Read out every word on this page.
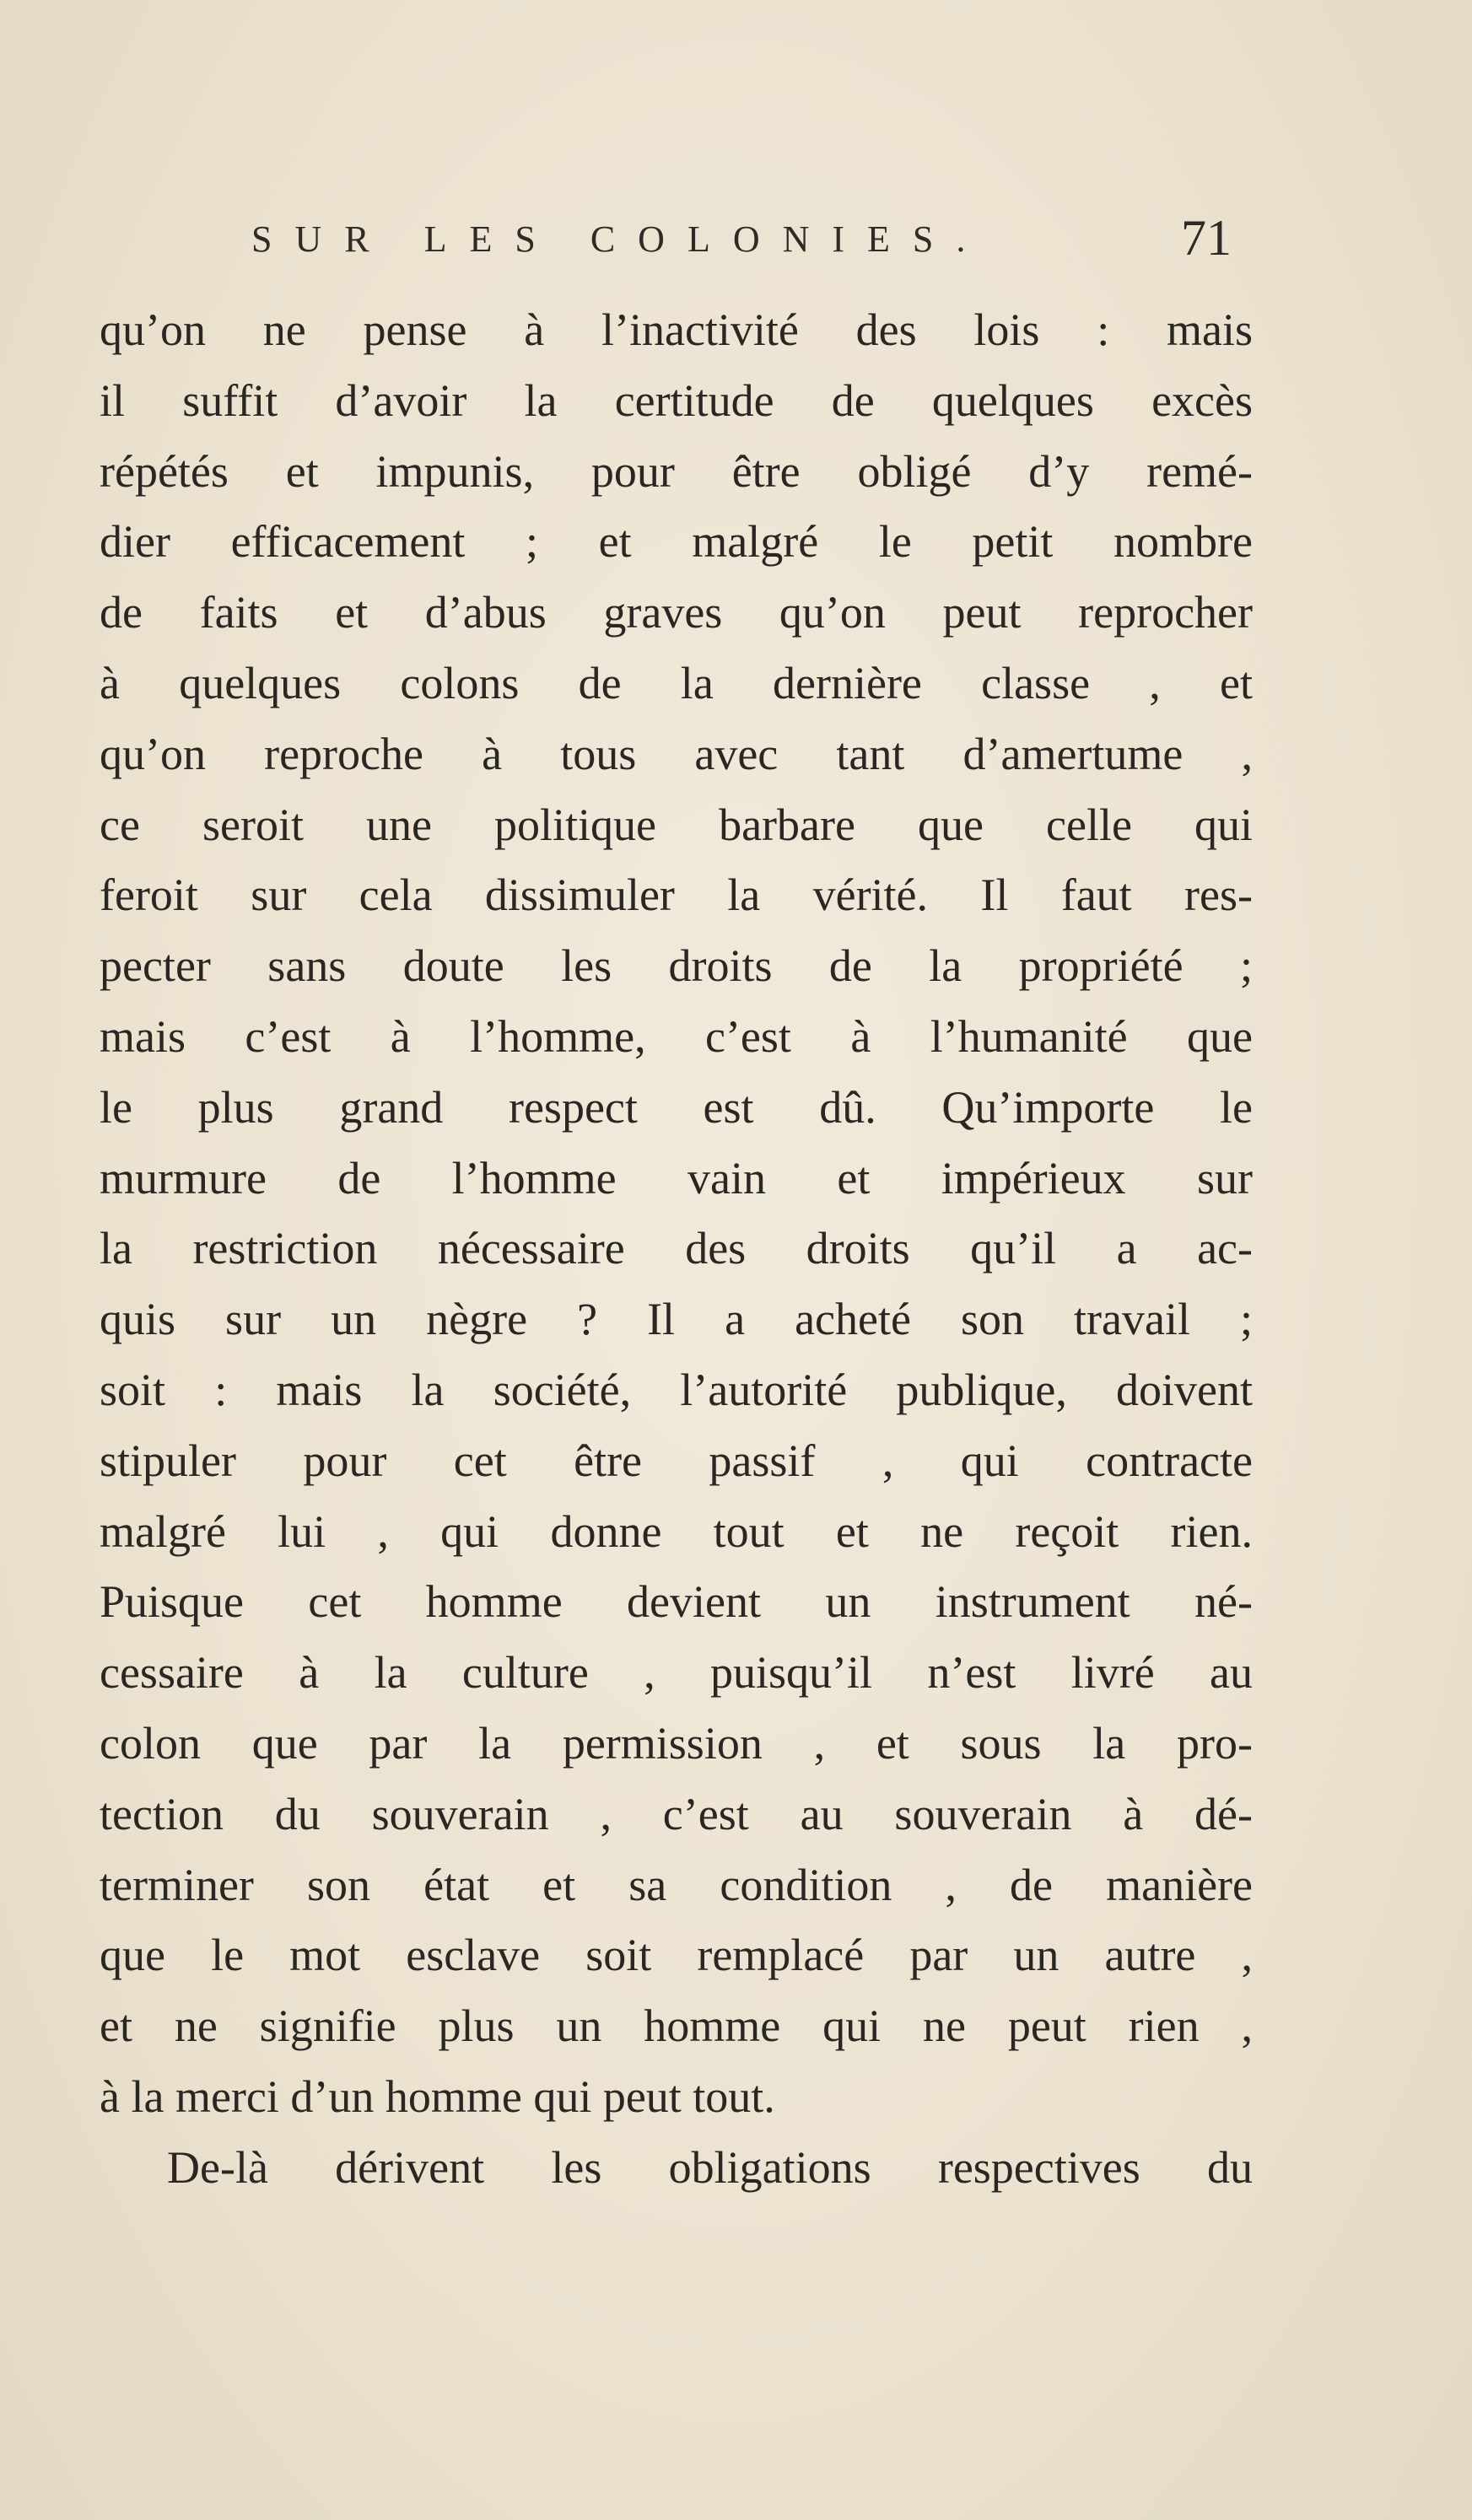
SUR LES COLONIES.	71
qu’on ne pense à l’inactivité des lois : mais
il suffit d’avoir la certitude de quelques excès
répétés et impunis, pour être obligé d’y remé-
dier efficacement ; et malgré le petit nombre
de faits et d’abus graves qu’on peut reprocher
à quelques colons de la dernière classe , et
qu’on reproche à tous avec tant d’amertume ,
ce seroit une politique barbare que celle qui
feroit sur cela dissimuler la vérité. Il faut res-
pecter sans doute les droits de la propriété ;
mais c’est à l’homme, c’est à l’humanité que
le plus grand respect est dû. Qu’importe le
murmure de l’homme vain et impérieux sur
la restriction nécessaire des droits qu’il a ac-
quis sur un nègre ? Il a acheté son travail ;
soit : mais la société, l’autorité publique, doivent
stipuler pour cet être passif , qui contracte
malgré lui , qui donne tout et ne reçoit rien.
Puisque cet homme devient un instrument né-
cessaire à la culture , puisqu’il n’est livré au
colon que par la permission , et sous la pro-
tection du souverain , c’est au souverain à dé-
terminer son état et sa condition , de manière
que le mot esclave soit remplacé par un autre ,
et ne signifie plus un homme qui ne peut rien ,
à la merci d’un homme qui peut tout.
De-là dérivent les obligations respectives du
